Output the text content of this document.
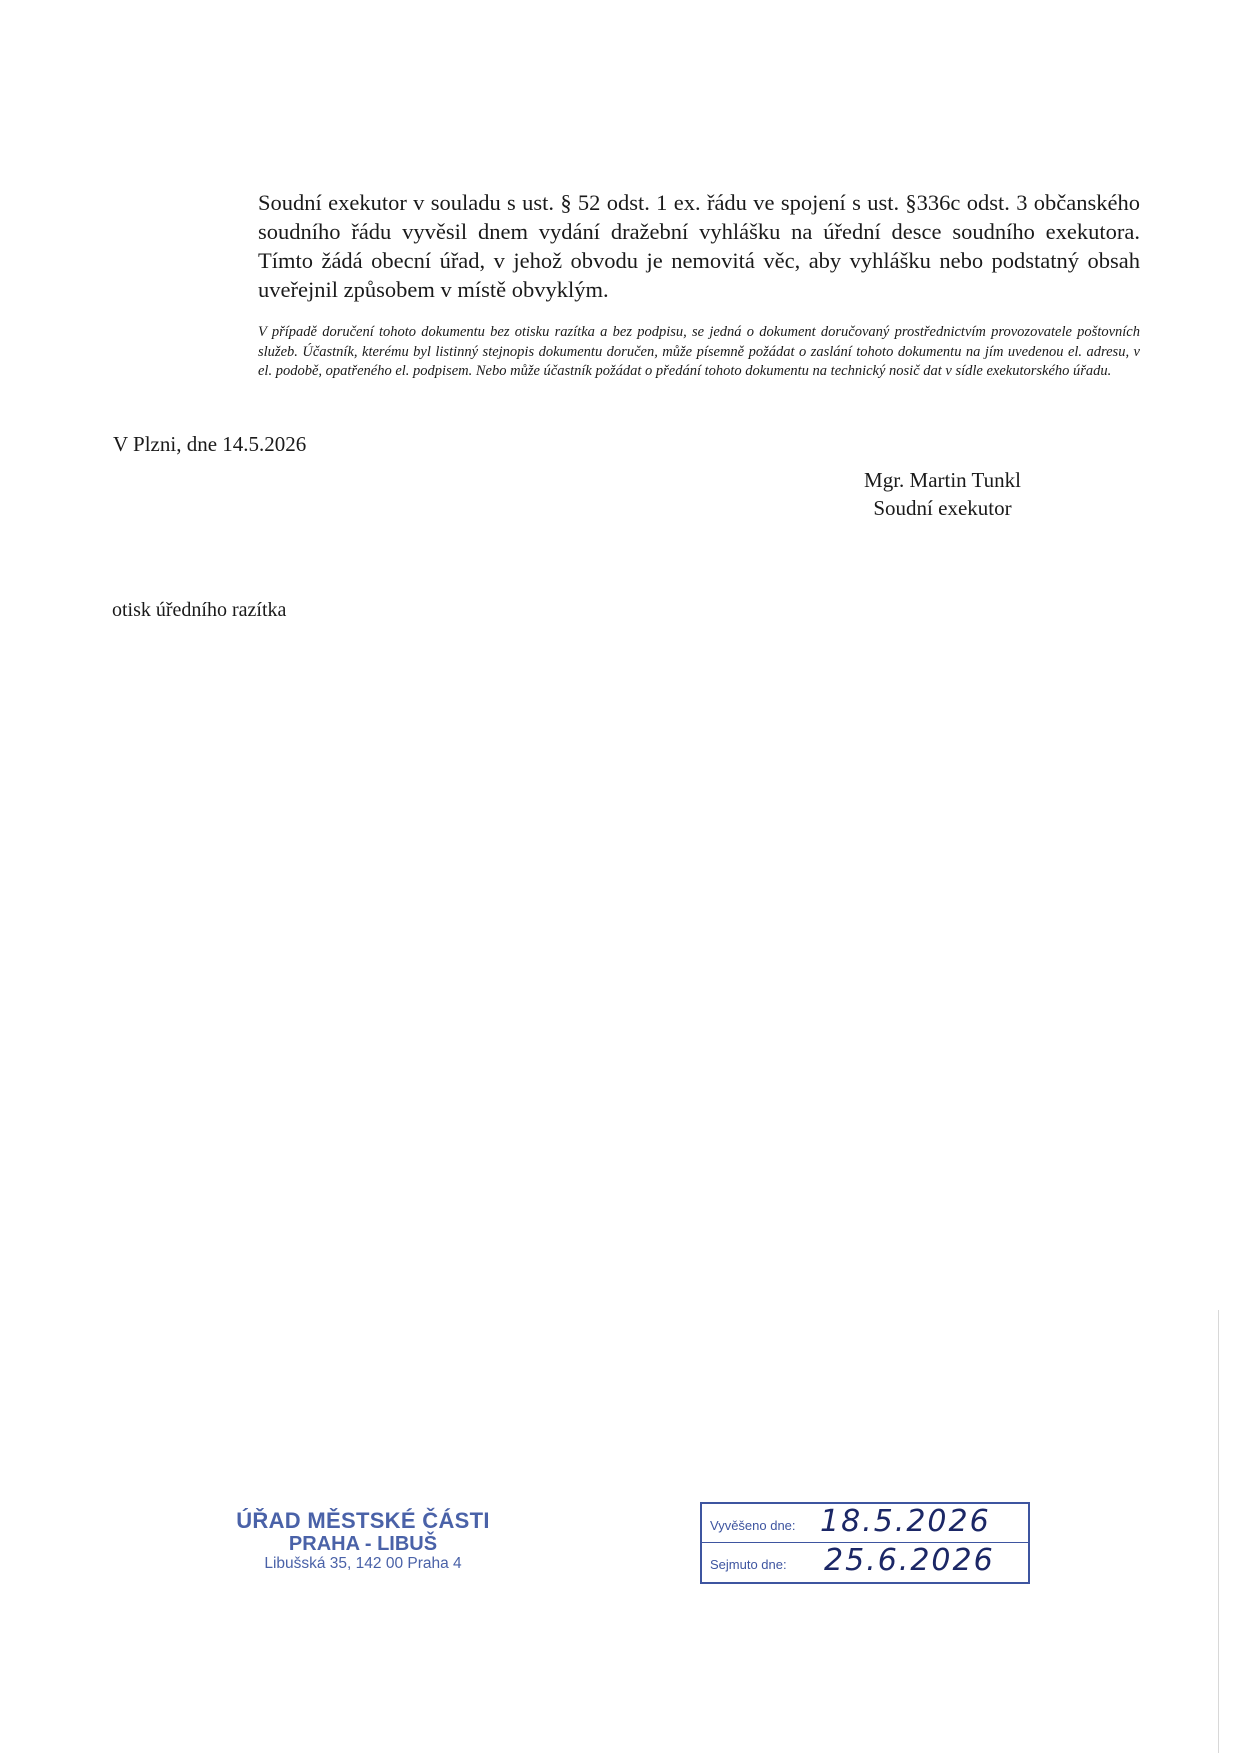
Soudní exekutor v souladu s ust. § 52 odst. 1 ex. řádu ve spojení s ust. §336c odst. 3 občanského soudního řádu vyvěsil dnem vydání dražební vyhlášku na úřední desce soudního exekutora. Tímto žádá obecní úřad, v jehož obvodu je nemovitá věc, aby vyhlášku nebo podstatný obsah uveřejnil způsobem v místě obvyklým.

V případě doručení tohoto dokumentu bez otisku razítka a bez podpisu, se jedná o dokument doručovaný prostřednictvím provozovatele poštovních služeb. Účastník, kterému byl listinný stejnopis dokumentu doručen, může písemně požádat o zaslání tohoto dokumentu na jím uvedenou el. adresu, v el. podobě, opatřeného el. podpisem. Nebo může účastník požádat o předání tohoto dokumentu na technický nosič dat v sídle exekutorského úřadu.

V Plzni, dne 14.5.2026
Mgr. Martin Tunkl
Soudní exekutor
otisk úředního razítka
ÚŘAD MĚSTSKÉ ČÁSTI
PRAHA - LIBUŠ
Libušská 35, 142 00 Praha 4
Vyvěšeno dne: 18.5.2026
Sejmuto dne: 25.6.2026
